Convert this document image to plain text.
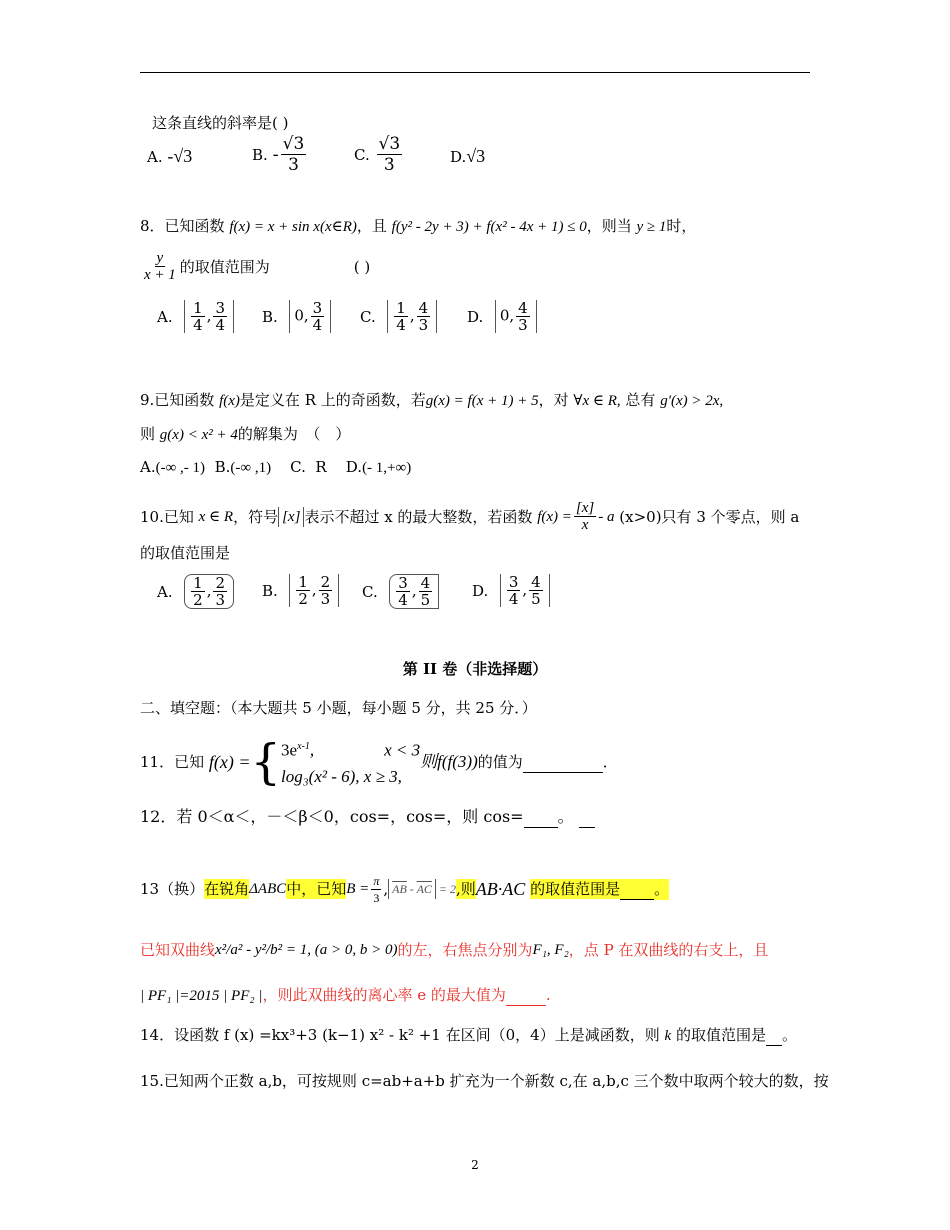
这条直线的斜率是( )
A.
-√3	B.
- $\frac{√3}{3}$	C.
$\frac{√3}{3}$	D. √3
8．已知函数 f(x) = x + sin x(x∈R)，且 f(y² - 2y + 3) + f(x² - 4x + 1) ≤ 0，则当 y ≥ 1时，
$\frac{y}{x + 1}$ 的取值范围为	( )
A.
$\frac{1}{4}$ , $\frac{3}{4} B$.
	0, $\frac{3}{4} C$.
$\frac{1}{4}$ , $\frac{4}{3} D$.
	0, $\frac{4}{3}$
9.已知函数 f(x)是定义在 R 上的奇函数，若g(x) = f(x + 1) + 5，对 ∀x ∈ R, 总有 g′(x) > 2x,
则 g(x) < x² + 4的解集为　（　）
A.(-∞ ,- 1) B.(-∞ ,1) C. R D.(- 1,+∞)
10.已知
x ∈ R ，符号 [x] 表示不超过 x 的最大整数，若函数
$f(x) = \frac{[x]}{x} - a$
(x>0)只有 3 个零点，则 a
的取值范围是
A.
$\frac{1}{2}$ , $\frac{2}{3} B$.
$\frac{1}{2}$ , $\frac{2}{3} C$.
$\frac{3}{4}$ , $\frac{4}{5}$	D.
$\frac{3}{4}$ , $\frac{4}{5}$
第 II 卷（非选择题）
二、填空题：（本大题共 5 小题，每小题 5 分，共 25 分．）
11．已知
f(x) = { $3e^{x-1}$,	x < 3
log₃(x² - 6), x ≥ 3,
则f(f(3)) 的值为
	．
12．若 0＜α＜，－＜β＜0，cos=，cos=，则 cos= 。
13（换） 在锐角 ΔABC 中，已知 $B = \frac{\pi}{3}$ , $\overline{AB} - \overline{AC} = 2$ ,则 AB·AC
的取值范围是	。
已知双曲线 x²/a² - y²/b² = 1, (a > 0, b > 0) 的左，右焦点分别为 F₁, F₂ ，点 P 在双曲线的右支上，且
| PF₁ |=2015 | PF₂ |，则此双曲线的离心率 e 的最大值为	.
14．设函数 f (x) =kx³+3 (k−1) x² - k² +1 在区间（0，4）上是减函数，则 k 的取值范围是 。
15.已知两个正数 a,b，可按规则 c=ab+a+b 扩充为一个新数 c,在 a,b,c 三个数中取两个较大的数，按
2
